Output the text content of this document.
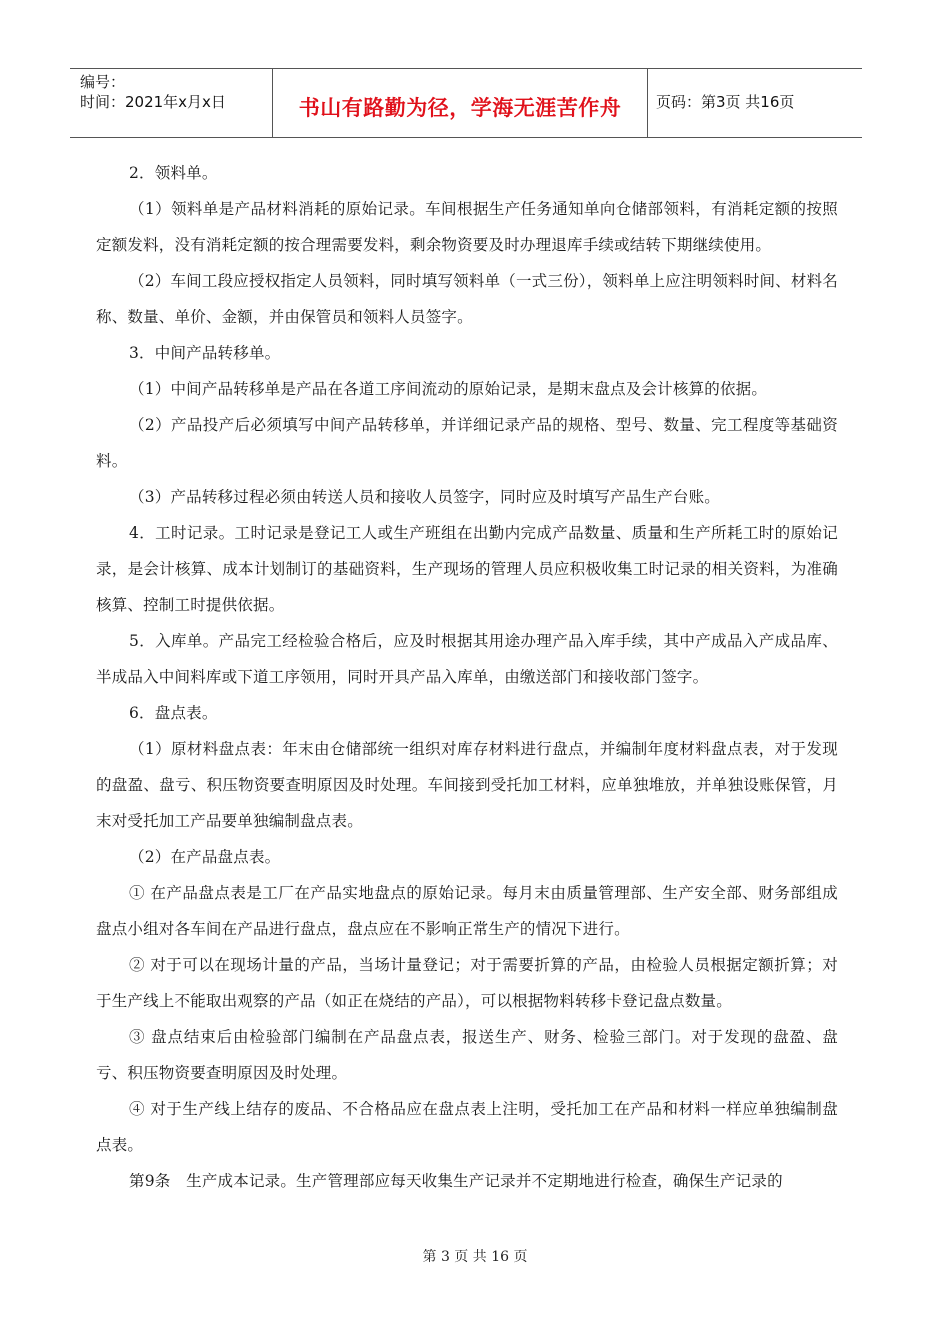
编号：
时间：2021年x月x日	书山有路勤为径，学海无涯苦作舟	页码：第3页 共16页

2．领料单。

（1）领料单是产品材料消耗的原始记录。车间根据生产任务通知单向仓储部领料，有消耗定额的按照定额发料，没有消耗定额的按合理需要发料，剩余物资要及时办理退库手续或结转下期继续使用。

（2）车间工段应授权指定人员领料，同时填写领料单（一式三份），领料单上应注明领料时间、材料名称、数量、单价、金额，并由保管员和领料人员签字。

3．中间产品转移单。

（1）中间产品转移单是产品在各道工序间流动的原始记录，是期末盘点及会计核算的依据。

（2）产品投产后必须填写中间产品转移单，并详细记录产品的规格、型号、数量、完工程度等基础资料。

（3）产品转移过程必须由转送人员和接收人员签字，同时应及时填写产品生产台账。

4．工时记录。工时记录是登记工人或生产班组在出勤内完成产品数量、质量和生产所耗工时的原始记录，是会计核算、成本计划制订的基础资料，生产现场的管理人员应积极收集工时记录的相关资料，为准确核算、控制工时提供依据。

5．入库单。产品完工经检验合格后，应及时根据其用途办理产品入库手续，其中产成品入产成品库、半成品入中间料库或下道工序领用，同时开具产品入库单，由缴送部门和接收部门签字。

6．盘点表。

（1）原材料盘点表：年末由仓储部统一组织对库存材料进行盘点，并编制年度材料盘点表，对于发现的盘盈、盘亏、积压物资要查明原因及时处理。车间接到受托加工材料，应单独堆放，并单独设账保管，月末对受托加工产品要单独编制盘点表。

（2）在产品盘点表。

① 在产品盘点表是工厂在产品实地盘点的原始记录。每月末由质量管理部、生产安全部、财务部组成盘点小组对各车间在产品进行盘点，盘点应在不影响正常生产的情况下进行。

② 对于可以在现场计量的产品，当场计量登记；对于需要折算的产品，由检验人员根据定额折算；对于生产线上不能取出观察的产品（如正在烧结的产品），可以根据物料转移卡登记盘点数量。

③ 盘点结束后由检验部门编制在产品盘点表，报送生产、财务、检验三部门。对于发现的盘盈、盘亏、积压物资要查明原因及时处理。

④ 对于生产线上结存的废品、不合格品应在盘点表上注明，受托加工在产品和材料一样应单独编制盘点表。

第9条　生产成本记录。生产管理部应每天收集生产记录并不定期地进行检查，确保生产记录的

第 3 页 共 16 页
